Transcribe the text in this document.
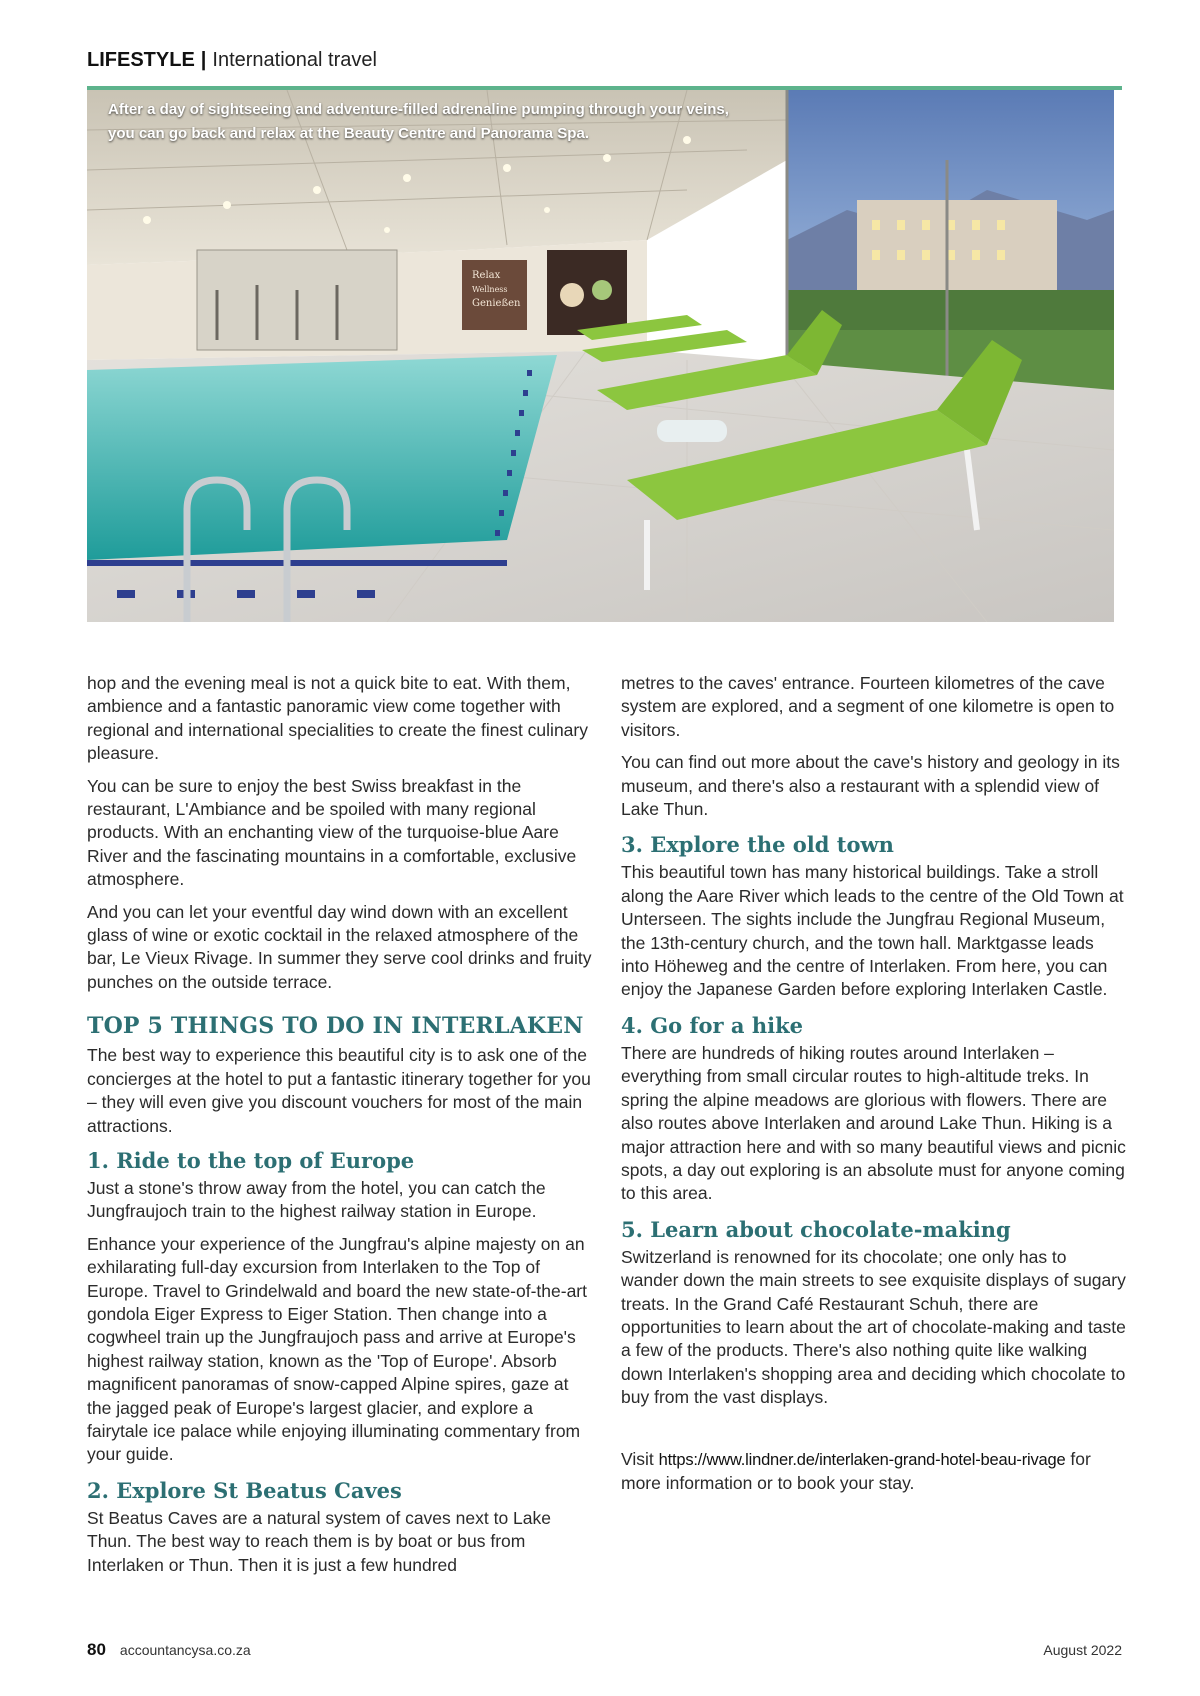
LIFESTYLE | International travel
Relax
Wellness
Genießen

After a day of sightseeing and adventure-filled adrenaline pumping through your veins,

you can go back and relax at the Beauty Centre and Panorama Spa.

hop and the evening meal is not a quick bite to eat. With them, ambience and a fantastic panoramic view come together with regional and international specialities to create the finest culinary pleasure.

You can be sure to enjoy the best Swiss breakfast in the restaurant, L'Ambiance and be spoiled with many regional products. With an enchanting view of the turquoise-blue Aare River and the fascinating mountains in a comfortable, exclusive atmosphere.

And you can let your eventful day wind down with an excellent glass of wine or exotic cocktail in the relaxed atmosphere of the bar, Le Vieux Rivage. In summer they serve cool drinks and fruity punches on the outside terrace.

TOP 5 THINGS TO DO IN INTERLAKEN

The best way to experience this beautiful city is to ask one of the concierges at the hotel to put a fantastic itinerary together for you – they will even give you discount vouchers for most of the main attractions.

1. Ride to the top of Europe

Just a stone's throw away from the hotel, you can catch the Jungfraujoch train to the highest railway station in Europe.

Enhance your experience of the Jungfrau's alpine majesty on an exhilarating full-day excursion from Interlaken to the Top of Europe. Travel to Grindelwald and board the new state-of-the-art gondola Eiger Express to Eiger Station. Then change into a cogwheel train up the Jungfraujoch pass and arrive at Europe's highest railway station, known as the 'Top of Europe'. Absorb magnificent panoramas of snow-capped Alpine spires, gaze at the jagged peak of Europe's largest glacier, and explore a fairytale ice palace while enjoying illuminating commentary from your guide.

2. Explore St Beatus Caves

St Beatus Caves are a natural system of caves next to Lake Thun. The best way to reach them is by boat or bus from Interlaken or Thun. Then it is just a few hundred

metres to the caves' entrance. Fourteen kilometres of the cave system are explored, and a segment of one kilometre is open to visitors.

You can find out more about the cave's history and geology in its museum, and there's also a restaurant with a splendid view of Lake Thun.

3. Explore the old town

This beautiful town has many historical buildings. Take a stroll along the Aare River which leads to the centre of the Old Town at Unterseen. The sights include the Jungfrau Regional Museum, the 13th-century church, and the town hall. Marktgasse leads into Höheweg and the centre of Interlaken. From here, you can enjoy the Japanese Garden before exploring Interlaken Castle.

4. Go for a hike

There are hundreds of hiking routes around Interlaken – everything from small circular routes to high-altitude treks. In spring the alpine meadows are glorious with flowers. There are also routes above Interlaken and around Lake Thun. Hiking is a major attraction here and with so many beautiful views and picnic spots, a day out exploring is an absolute must for anyone coming to this area.

5. Learn about chocolate-making

Switzerland is renowned for its chocolate; one only has to wander down the main streets to see exquisite displays of sugary treats. In the Grand Café Restaurant Schuh, there are opportunities to learn about the art of chocolate-making and taste a few of the products. There's also nothing quite like walking down Interlaken's shopping area and deciding which chocolate to buy from the vast displays.

Visit https://www.lindner.de/interlaken-grand-hotel-beau-rivage for more information or to book your stay.

80 accountancysa.co.za	August 2022
